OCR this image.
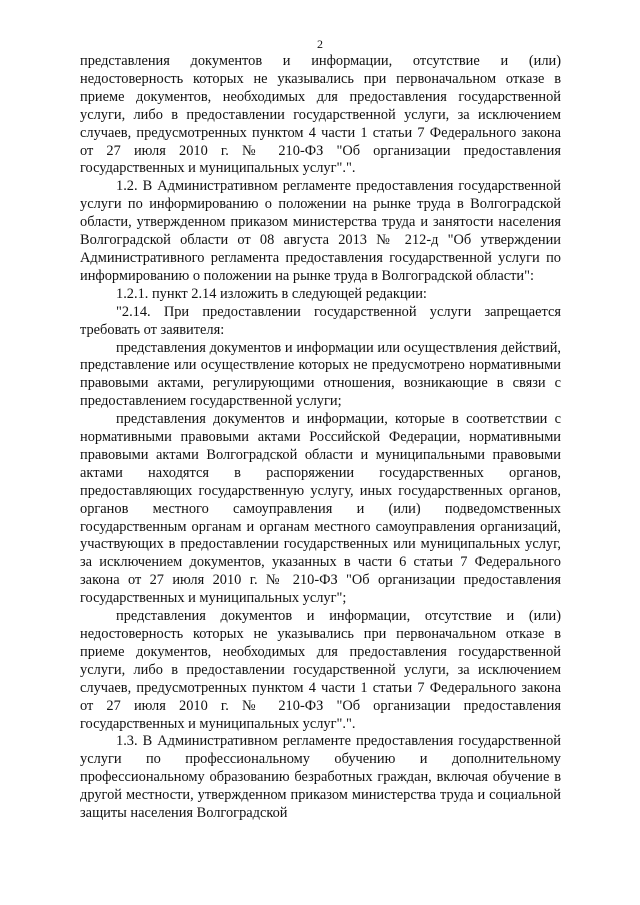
2

представления документов и информации, отсутствие и (или) недостоверность которых не указывались при первоначальном отказе в приеме документов, необходимых для предоставления государственной услуги, либо в предоставлении государственной услуги, за исключением случаев, предусмотренных пунктом 4 части 1 статьи 7 Федерального закона от 27 июля 2010 г. № 210-ФЗ "Об организации предоставления государственных и муниципальных услуг".".

1.2. В Административном регламенте предоставления государственной услуги по информированию о положении на рынке труда в Волгоградской области, утвержденном приказом министерства труда и занятости населения Волгоградской области от 08 августа 2013 № 212-д "Об утверждении Административного регламента предоставления государственной услуги по информированию о положении на рынке труда в Волгоградской области":

1.2.1. пункт 2.14 изложить в следующей редакции:

"2.14. При предоставлении государственной услуги запрещается требовать от заявителя:

представления документов и информации или осуществления действий, представление или осуществление которых не предусмотрено нормативными правовыми актами, регулирующими отношения, возникающие в связи с предоставлением государственной услуги;

представления документов и информации, которые в соответствии с нормативными правовыми актами Российской Федерации, нормативными правовыми актами Волгоградской области и муниципальными правовыми актами находятся в распоряжении государственных органов, предоставляющих государственную услугу, иных государственных органов, органов местного самоуправления и (или) подведомственных государственным органам и органам местного самоуправления организаций, участвующих в предоставлении государственных или муниципальных услуг, за исключением документов, указанных в части 6 статьи 7 Федерального закона от 27 июля 2010 г. № 210-ФЗ "Об организации предоставления государственных и муниципальных услуг";

представления документов и информации, отсутствие и (или) недостоверность которых не указывались при первоначальном отказе в приеме документов, необходимых для предоставления государственной услуги, либо в предоставлении государственной услуги, за исключением случаев, предусмотренных пунктом 4 части 1 статьи 7 Федерального закона от 27 июля 2010 г. № 210-ФЗ "Об организации предоставления государственных и муниципальных услуг".".

1.3. В Административном регламенте предоставления государственной услуги по профессиональному обучению и дополнительному профессиональному образованию безработных граждан, включая обучение в другой местности, утвержденном приказом министерства труда и социальной защиты населения Волгоградской
